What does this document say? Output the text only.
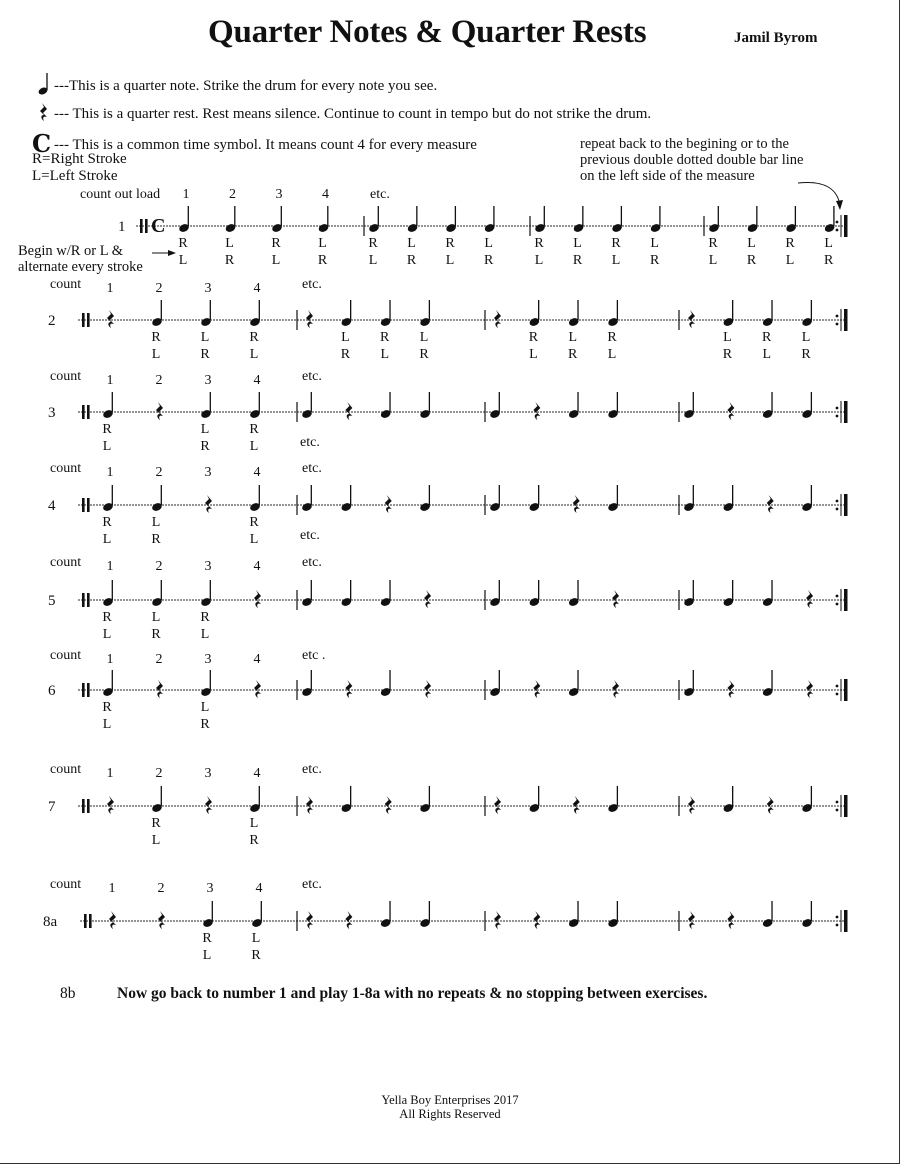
Quarter Notes & Quarter Rests	Jamil Byrom
---This is a quarter note. Strike the drum for every note you see.
--- This is a quarter rest. Rest means silence. Continue to count in tempo but do not strike the drum.
C --- This is a common time symbol. It means count 4 for every measure
R=Right Stroke
L=Left Stroke
repeat back to the begining or to the
previous double dotted double bar line
on the left side of the measure
Begin w/R or L &
alternate every stroke
1 C
R
L
1
L
R
2
R
L
3
L
R
4
R
L
L
R
R
L
L
R
R
L
L
R
R
L
L
R
R
L
L
R
R
L
L
R
count out load	etc.
2
1
R
L
2
L
R
3
R
L
4
L
R
R
L
L
R
R
L
L
R
R
L
L
R
R
L
L
R
count	etc.
3
R
L
1	2
L
R
3
R
L
4
count	etc.
etc.
4
R
L
1
L
R
2	3
R
L
4
count	etc.
etc.
5
R
L
1
L
R
2
R
L
3	4
count	etc.
6
R
L
1	2
L
R
3	4
count	etc .
7
1
R
L
2	3
L
R
4
count	etc.
8a
1	2
R
L
3
L
R
4
count	etc.
8b	Now go back to number 1 and play 1-8a with no repeats & no stopping between exercises.
Yella Boy Enterprises 2017
All Rights Reserved
